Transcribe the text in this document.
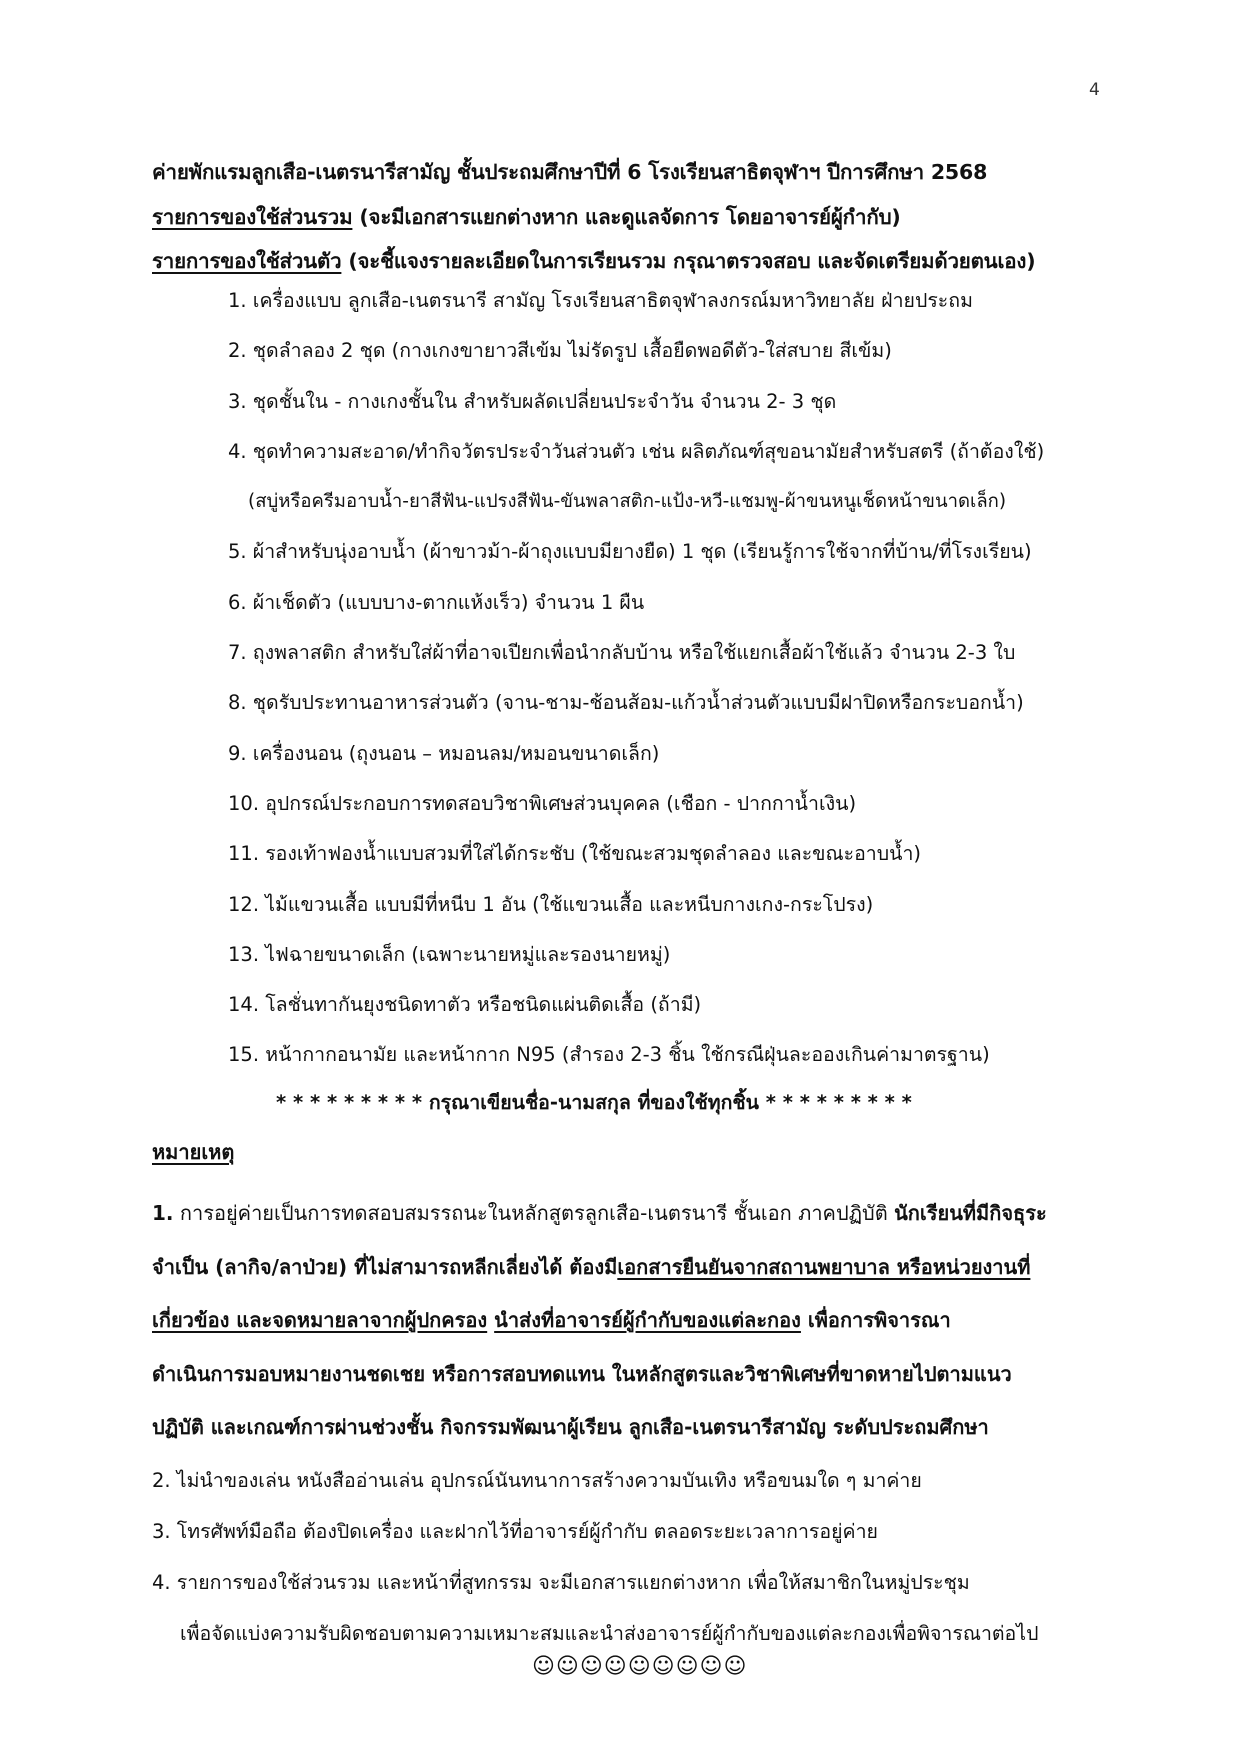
4
ค่ายพักแรมลูกเสือ-เนตรนารีสามัญ ชั้นประถมศึกษาปีที่ 6 โรงเรียนสาธิตจุฬาฯ ปีการศึกษา 2568
รายการของใช้ส่วนรวม (จะมีเอกสารแยกต่างหาก และดูแลจัดการ โดยอาจารย์ผู้กำกับ)
รายการของใช้ส่วนตัว (จะชี้แจงรายละเอียดในการเรียนรวม กรุณาตรวจสอบ และจัดเตรียมด้วยตนเอง)
1. เครื่องแบบ ลูกเสือ-เนตรนารี สามัญ โรงเรียนสาธิตจุฬาลงกรณ์มหาวิทยาลัย ฝ่ายประถม
2. ชุดลำลอง 2 ชุด (กางเกงขายาวสีเข้ม ไม่รัดรูป เสื้อยืดพอดีตัว-ใส่สบาย สีเข้ม)
3. ชุดชั้นใน - กางเกงชั้นใน สำหรับผลัดเปลี่ยนประจำวัน จำนวน 2- 3 ชุด
4. ชุดทำความสะอาด/ทำกิจวัตรประจำวันส่วนตัว เช่น ผลิตภัณฑ์สุขอนามัยสำหรับสตรี (ถ้าต้องใช้)
(สบู่หรือครีมอาบน้ำ-ยาสีฟัน-แปรงสีฟัน-ขันพลาสติก-แป้ง-หวี-แชมพู-ผ้าขนหนูเช็ดหน้าขนาดเล็ก)
5. ผ้าสำหรับนุ่งอาบน้ำ (ผ้าขาวม้า-ผ้าถุงแบบมียางยืด) 1 ชุด (เรียนรู้การใช้จากที่บ้าน/ที่โรงเรียน)
6. ผ้าเช็ดตัว (แบบบาง-ตากแห้งเร็ว) จำนวน 1 ผืน
7. ถุงพลาสติก สำหรับใส่ผ้าที่อาจเปียกเพื่อนำกลับบ้าน หรือใช้แยกเสื้อผ้าใช้แล้ว จำนวน 2-3 ใบ
8. ชุดรับประทานอาหารส่วนตัว (จาน-ชาม-ช้อนส้อม-แก้วน้ำส่วนตัวแบบมีฝาปิดหรือกระบอกน้ำ)
9. เครื่องนอน (ถุงนอน – หมอนลม/หมอนขนาดเล็ก)
10. อุปกรณ์ประกอบการทดสอบวิชาพิเศษส่วนบุคคล (เชือก - ปากกาน้ำเงิน)
11. รองเท้าฟองน้ำแบบสวมที่ใส่ได้กระชับ (ใช้ขณะสวมชุดลำลอง และขณะอาบน้ำ)
12. ไม้แขวนเสื้อ แบบมีที่หนีบ 1 อัน (ใช้แขวนเสื้อ และหนีบกางเกง-กระโปรง)
13. ไฟฉายขนาดเล็ก (เฉพาะนายหมู่และรองนายหมู่)
14. โลชั่นทากันยุงชนิดทาตัว หรือชนิดแผ่นติดเสื้อ (ถ้ามี)
15. หน้ากากอนามัย และหน้ากาก N95 (สำรอง 2-3 ชิ้น ใช้กรณีฝุ่นละอองเกินค่ามาตรฐาน)
* * * * * * * * * กรุณาเขียนชื่อ-นามสกุล ที่ของใช้ทุกชิ้น * * * * * * * * *
หมายเหตุ
1. การอยู่ค่ายเป็นการทดสอบสมรรถนะในหลักสูตรลูกเสือ-เนตรนารี ชั้นเอก ภาคปฏิบัติ นักเรียนที่มีกิจธุระ
จำเป็น (ลากิจ/ลาป่วย) ที่ไม่สามารถหลีกเลี่ยงได้ ต้องมีเอกสารยืนยันจากสถานพยาบาล หรือหน่วยงานที่
เกี่ยวข้อง และจดหมายลาจากผู้ปกครอง นำส่งที่อาจารย์ผู้กำกับของแต่ละกอง เพื่อการพิจารณา
ดำเนินการมอบหมายงานชดเชย หรือการสอบทดแทน ในหลักสูตรและวิชาพิเศษที่ขาดหายไปตามแนว
ปฏิบัติ และเกณฑ์การผ่านช่วงชั้น กิจกรรมพัฒนาผู้เรียน ลูกเสือ-เนตรนารีสามัญ ระดับประถมศึกษา
2. ไม่นำของเล่น หนังสืออ่านเล่น อุปกรณ์นันทนาการสร้างความบันเทิง หรือขนมใด ๆ มาค่าย
3. โทรศัพท์มือถือ ต้องปิดเครื่อง และฝากไว้ที่อาจารย์ผู้กำกับ ตลอดระยะเวลาการอยู่ค่าย
4. รายการของใช้ส่วนรวม และหน้าที่สูทกรรม จะมีเอกสารแยกต่างหาก เพื่อให้สมาชิกในหมู่ประชุม
เพื่อจัดแบ่งความรับผิดชอบตามความเหมาะสมและนำส่งอาจารย์ผู้กำกับของแต่ละกองเพื่อพิจารณาต่อไป
☺☺☺☺☺☺☺☺☺
